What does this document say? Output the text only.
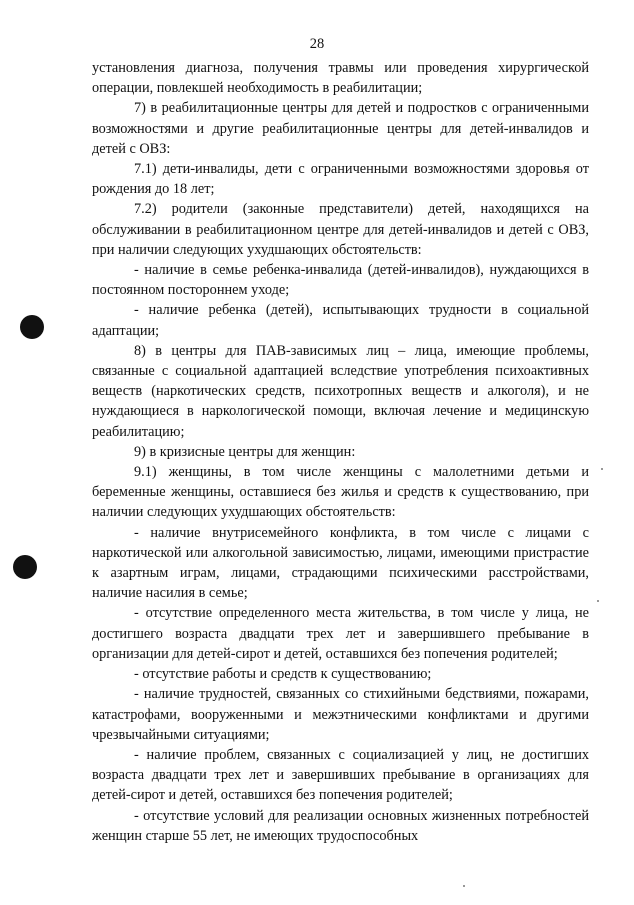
28

установления диагноза, получения травмы или проведения хирургической операции, повлекшей необходимость в реабилитации;

7) в реабилитационные центры для детей и подростков с ограниченными возможностями и другие реабилитационные центры для детей-инвалидов и детей с ОВЗ:

7.1) дети-инвалиды, дети с ограниченными возможностями здоровья от рождения до 18 лет;

7.2) родители (законные представители) детей, находящихся на обслуживании в реабилитационном центре для детей-инвалидов и детей с ОВЗ, при наличии следующих ухудшающих обстоятельств:

- наличие в семье ребенка-инвалида (детей-инвалидов), нуждающихся в постоянном постороннем уходе;

- наличие ребенка (детей), испытывающих трудности в социальной адаптации;

8) в центры для ПАВ-зависимых лиц – лица, имеющие проблемы, связанные с социальной адаптацией вследствие употребления психоактивных веществ (наркотических средств, психотропных веществ и алкоголя), и не нуждающиеся в наркологической помощи, включая лечение и медицинскую реабилитацию;

9) в кризисные центры для женщин:

9.1) женщины, в том числе женщины с малолетними детьми и беременные женщины, оставшиеся без жилья и средств к существованию, при наличии следующих ухудшающих обстоятельств:

- наличие внутрисемейного конфликта, в том числе с лицами с наркотической или алкогольной зависимостью, лицами, имеющими пристрастие к азартным играм, лицами, страдающими психическими расстройствами, наличие насилия в семье;

- отсутствие определенного места жительства, в том числе у лица, не достигшего возраста двадцати трех лет и завершившего пребывание в организации для детей-сирот и детей, оставшихся без попечения родителей;

- отсутствие работы и средств к существованию;

- наличие трудностей, связанных со стихийными бедствиями, пожарами, катастрофами, вооруженными и межэтническими конфликтами и другими чрезвычайными ситуациями;

- наличие проблем, связанных с социализацией у лиц, не достигших возраста двадцати трех лет и завершивших пребывание в организациях для детей-сирот и детей, оставшихся без попечения родителей;

- отсутствие условий для реализации основных жизненных потребностей женщин старше 55 лет, не имеющих трудоспособных
